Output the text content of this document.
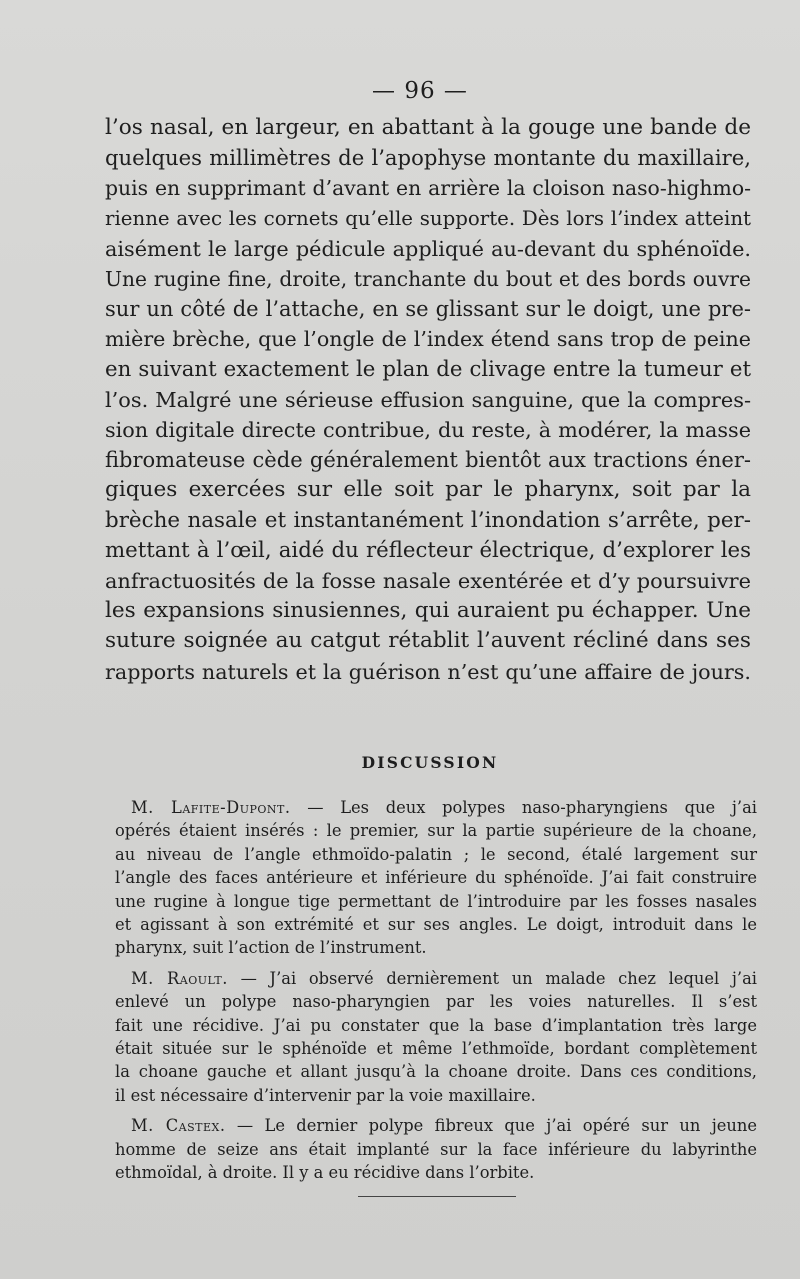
— 96 —
l’os nasal, en largeur, en abattant à la gouge une bande de
quelques millimètres de l’apophyse montante du maxillaire,
puis en supprimant d’avant en arrière la cloison naso-highmo-
rienne avec les cornets qu’elle supporte. Dès lors l’index atteint
aisément le large pédicule appliqué au-devant du sphénoïde.
Une rugine fine, droite, tranchante du bout et des bords ouvre
sur un côté de l’attache, en se glissant sur le doigt, une pre-
mière brèche, que l’ongle de l’index étend sans trop de peine
en suivant exactement le plan de clivage entre la tumeur et
l’os. Malgré une sérieuse effusion sanguine, que la compres-
sion digitale directe contribue, du reste, à modérer, la masse
fibromateuse cède généralement bientôt aux tractions éner-
giques exercées sur elle soit par le pharynx, soit par la
brèche nasale et instantanément l’inondation s’arrête, per-
mettant à l’œil, aidé du réflecteur électrique, d’explorer les
anfractuosités de la fosse nasale exentérée et d’y poursuivre
les expansions sinusiennes, qui auraient pu échapper. Une
suture soignée au catgut rétablit l’auvent récliné dans ses
rapports naturels et la guérison n’est qu’une affaire de jours.
DISCUSSION
M. Lafite-Dupont. — Les deux polypes naso-pharyngiens que j’ai
opérés étaient insérés : le premier, sur la partie supérieure de la choane,
au niveau de l’angle ethmoïdo-palatin ; le second, étalé largement sur
l’angle des faces antérieure et inférieure du sphénoïde. J’ai fait construire
une rugine à longue tige permettant de l’introduire par les fosses nasales
et agissant à son extrémité et sur ses angles. Le doigt, introduit dans le
pharynx, suit l’action de l’instrument.
M. Raoult. — J’ai observé dernièrement un malade chez lequel j’ai
enlevé un polype naso-pharyngien par les voies naturelles. Il s’est
fait une récidive. J’ai pu constater que la base d’implantation très large
était située sur le sphénoïde et même l’ethmoïde, bordant complètement
la choane gauche et allant jusqu’à la choane droite. Dans ces conditions,
il est nécessaire d’intervenir par la voie maxillaire.
M. Castex. — Le dernier polype fibreux que j’ai opéré sur un jeune
homme de seize ans était implanté sur la face inférieure du labyrinthe
ethmoïdal, à droite. Il y a eu récidive dans l’orbite.
